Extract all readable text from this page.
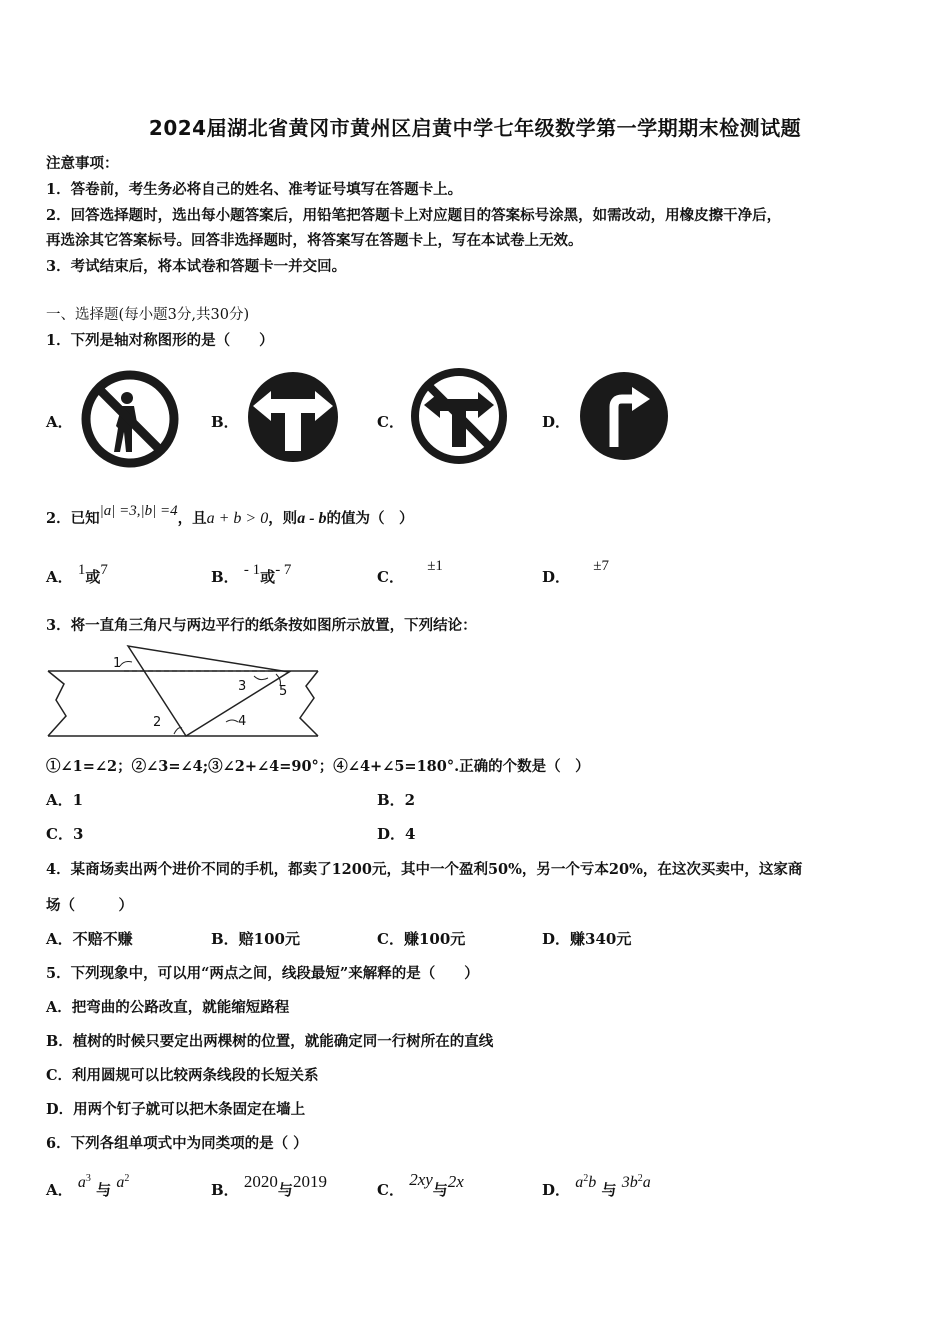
2024届湖北省黄冈市黄州区启黄中学七年级数学第一学期期末检测试题
注意事项：
1．答卷前，考生务必将自己的姓名、准考证号填写在答题卡上。
2．回答选择题时，选出每小题答案后，用铅笔把答题卡上对应题目的答案标号涂黑，如需改动，用橡皮擦干净后，
再选涂其它答案标号。回答非选择题时，将答案写在答题卡上，写在本试卷上无效。
3．考试结束后，将本试卷和答题卡一并交回。
一、选择题(每小题3分,共30分)
1．下列是轴对称图形的是（　　）
A．	B．	C．	D．
2．已知|a| =3,|b| =4，且a + b > 0，则a - b的值为（　）
A． 1或7	B． - 1或- 7	C． ±1
D． ±7
3．将一直角三角尺与两边平行的纸条按如图所示放置，下列结论：
1
2
3
4
5
①∠1=∠2；②∠3=∠4;③∠2+∠4=90°；④∠4+∠5=180°.正确的个数是（　）
A．1	B．2
C．3	D．4
4．某商场卖出两个进价不同的手机，都卖了1200元，其中一个盈利50%，另一个亏本20%，在这次买卖中，这家商
场（　　　）
A．不赔不赚	B．赔100元	C．赚100元	D．赚340元
5．下列现象中，可以用“两点之间，线段最短”来解释的是（　　）
A．把弯曲的公路改直，就能缩短路程
B．植树的时候只要定出两棵树的位置，就能确定同一行树所在的直线
C．利用圆规可以比较两条线段的长短关系
D．用两个钉子就可以把木条固定在墙上
6．下列各组单项式中为同类项的是（ ）
A． $a^3$ 与 $a^2$
B． 2020与2019	C． 2xy与2x	D． $a^2b$ 与 $3b^2a$
